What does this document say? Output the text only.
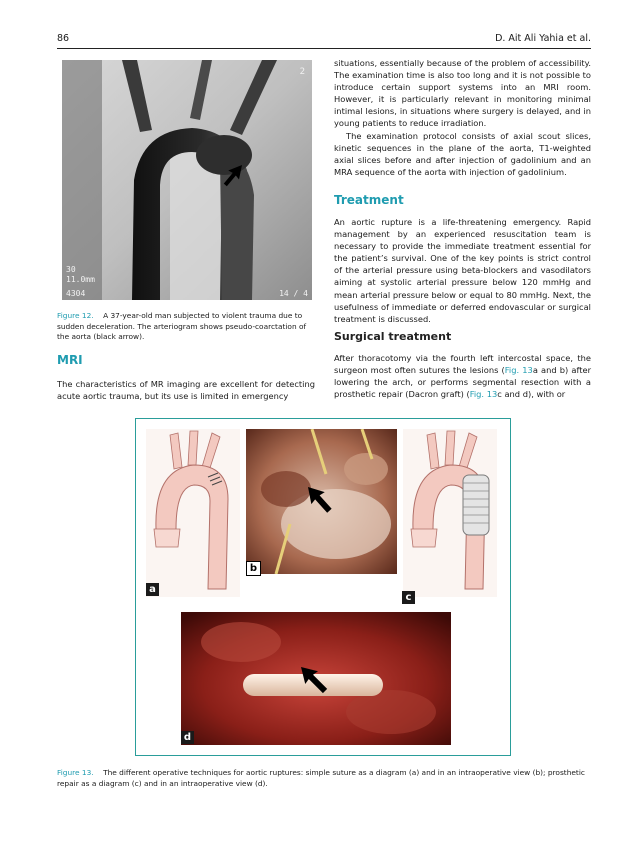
86	D. Ait Ali Yahia et al.
2
30
11.0mm
4304	14 / 4
Figure 12. A 37-year-old man subjected to violent trauma due to sudden deceleration. The arteriogram shows pseudo-coarctation of the aorta (black arrow).
MRI

The characteristics of MR imaging are excellent for detecting acute aortic trauma, but its use is limited in emergency

situations, essentially because of the problem of accessibility. The examination time is also too long and it is not possible to introduce certain support systems into an MRI room. However, it is particularly relevant in monitoring minimal intimal lesions, in situations where surgery is delayed, and in young patients to reduce irradiation.

The examination protocol consists of axial scout slices, kinetic sequences in the plane of the aorta, T1-weighted axial slices before and after injection of gadolinium and an MRA sequence of the aorta with injection of gadolinium.

Treatment

An aortic rupture is a life-threatening emergency. Rapid management by an experienced resuscitation team is necessary to provide the immediate treatment essential for the patient’s survival. One of the key points is strict control of the arterial pressure using beta-blockers and vasodilators aiming at systolic arterial pressure below 120 mmHg and mean arterial pressure below or equal to 80 mmHg. Next, the usefulness of immediate or deferred endovascular or surgical treatment is discussed.

Surgical treatment

After thoracotomy via the fourth left intercostal space, the surgeon most often sutures the lesions (Fig. 13a and b) after lowering the arch, or performs segmental resection with a prosthetic repair (Dacron graft) (Fig. 13c and d), with or

a
b
c
d
Figure 13. The different operative techniques for aortic ruptures: simple suture as a diagram (a) and in an intraoperative view (b); prosthetic repair as a diagram (c) and in an intraoperative view (d).
